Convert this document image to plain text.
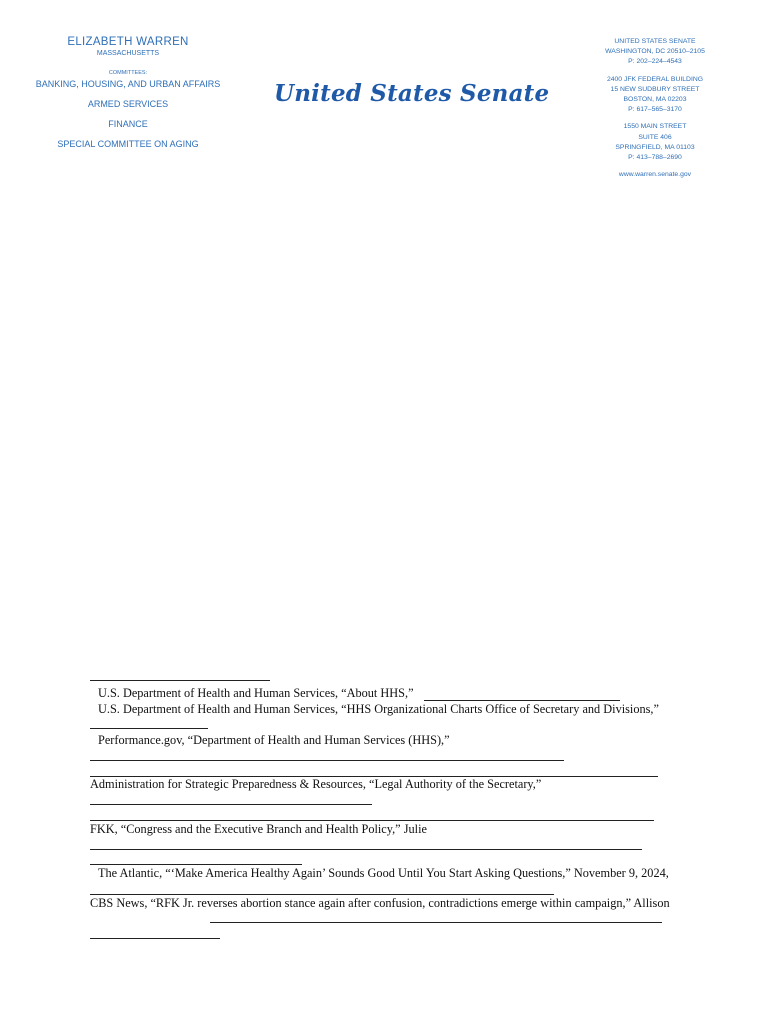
ELIZABETH WARREN
MASSACHUSETTS
COMMITTEES:
BANKING, HOUSING, AND URBAN AFFAIRS
ARMED SERVICES
FINANCE
SPECIAL COMMITTEE ON AGING
United States Senate
UNITED STATES SENATE
WASHINGTON, DC 20510–2105
P: 202–224–4543
2400 JFK FEDERAL BUILDING
15 NEW SUDBURY STREET
BOSTON, MA 02203
P: 617–565–3170
1550 MAIN STREET
SUITE 406
SPRINGFIELD, MA 01103
P: 413–788–2690
www.warren.senate.gov
U.S. Department of Health and Human Services, “About HHS,”
U.S. Department of Health and Human Services, “HHS Organizational Charts Office of Secretary and Divisions,”
Performance.gov, “Department of Health and Human Services (HHS),”
Administration for Strategic Preparedness & Resources, “Legal Authority of the Secretary,”
FKK, “Congress and the Executive Branch and Health Policy,” Julie
The Atlantic, “‘Make America Healthy Again’ Sounds Good Until You Start Asking Questions,” November 9, 2024,
CBS News, “RFK Jr. reverses abortion stance again after confusion, contradictions emerge within campaign,” Allison
